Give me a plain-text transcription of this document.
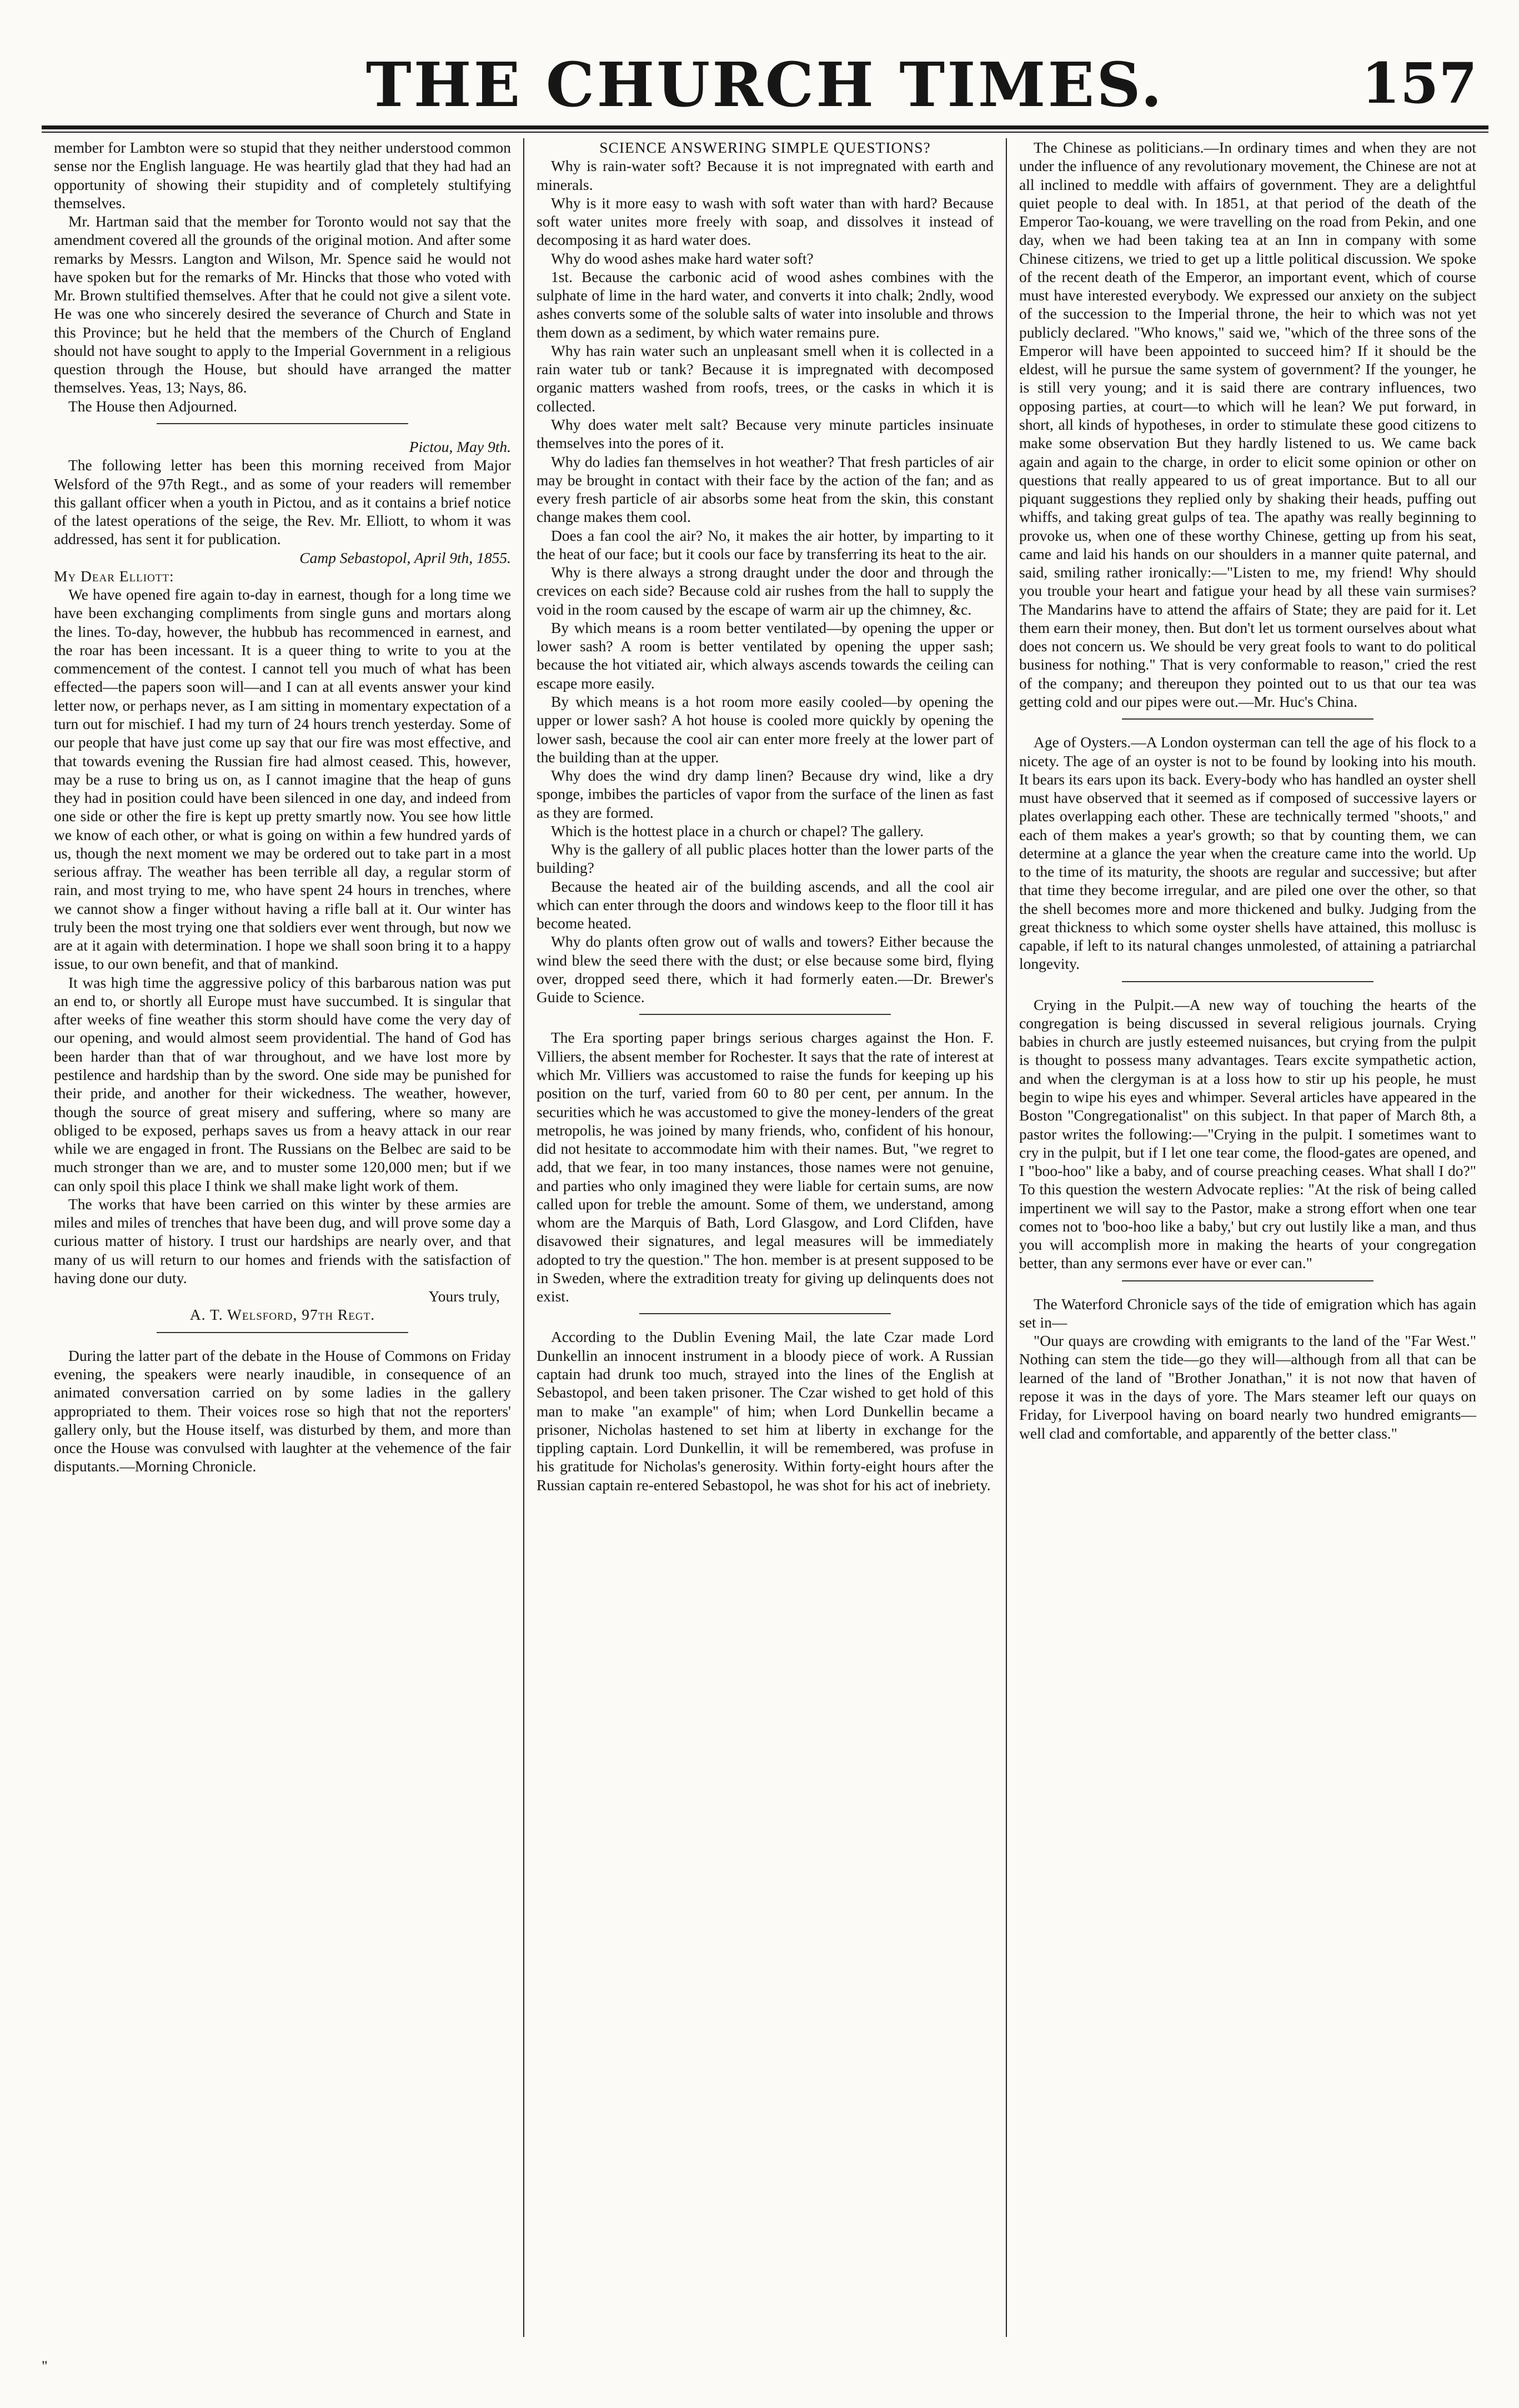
THE CHURCH TIMES.	157

member for Lambton were so stupid that they neither understood common sense nor the English language. He was heartily glad that they had had an opportunity of showing their stupidity and of completely stultifying themselves.

Mr. Hartman said that the member for Toronto would not say that the amendment covered all the grounds of the original motion. And after some remarks by Messrs. Langton and Wilson, Mr. Spence said he would not have spoken but for the remarks of Mr. Hincks that those who voted with Mr. Brown stultified themselves. After that he could not give a silent vote. He was one who sincerely desired the severance of Church and State in this Province; but he held that the members of the Church of England should not have sought to apply to the Imperial Government in a religious question through the House, but should have arranged the matter themselves. Yeas, 13; Nays, 86.

The House then Adjourned.

Pictou, May 9th.

The following letter has been this morning received from Major Welsford of the 97th Regt., and as some of your readers will remember this gallant officer when a youth in Pictou, and as it contains a brief notice of the latest operations of the seige, the Rev. Mr. Elliott, to whom it was addressed, has sent it for publication.

Camp Sebastopol, April 9th, 1855.

My Dear Elliott:

We have opened fire again to-day in earnest, though for a long time we have been exchanging compliments from single guns and mortars along the lines. To-day, however, the hubbub has recommenced in earnest, and the roar has been incessant. It is a queer thing to write to you at the commencement of the contest. I cannot tell you much of what has been effected—the papers soon will—and I can at all events answer your kind letter now, or perhaps never, as I am sitting in momentary expectation of a turn out for mischief. I had my turn of 24 hours trench yesterday. Some of our people that have just come up say that our fire was most effective, and that towards evening the Russian fire had almost ceased. This, however, may be a ruse to bring us on, as I cannot imagine that the heap of guns they had in position could have been silenced in one day, and indeed from one side or other the fire is kept up pretty smartly now. You see how little we know of each other, or what is going on within a few hundred yards of us, though the next moment we may be ordered out to take part in a most serious affray. The weather has been terrible all day, a regular storm of rain, and most trying to me, who have spent 24 hours in trenches, where we cannot show a finger without having a rifle ball at it. Our winter has truly been the most trying one that soldiers ever went through, but now we are at it again with determination. I hope we shall soon bring it to a happy issue, to our own benefit, and that of mankind.

It was high time the aggressive policy of this barbarous nation was put an end to, or shortly all Europe must have succumbed. It is singular that after weeks of fine weather this storm should have come the very day of our opening, and would almost seem providential. The hand of God has been harder than that of war throughout, and we have lost more by pestilence and hardship than by the sword. One side may be punished for their pride, and another for their wickedness. The weather, however, though the source of great misery and suffering, where so many are obliged to be exposed, perhaps saves us from a heavy attack in our rear while we are engaged in front. The Russians on the Belbec are said to be much stronger than we are, and to muster some 120,000 men; but if we can only spoil this place I think we shall make light work of them.

The works that have been carried on this winter by these armies are miles and miles of trenches that have been dug, and will prove some day a curious matter of history. I trust our hardships are nearly over, and that many of us will return to our homes and friends with the satisfaction of having done our duty.

Yours truly,

A. T. Welsford, 97th Regt.

During the latter part of the debate in the House of Commons on Friday evening, the speakers were nearly inaudible, in consequence of an animated conversation carried on by some ladies in the gallery appropriated to them. Their voices rose so high that not the reporters' gallery only, but the House itself, was disturbed by them, and more than once the House was convulsed with laughter at the vehemence of the fair disputants.—Morning Chronicle.

SCIENCE ANSWERING SIMPLE QUESTIONS?

Why is rain-water soft? Because it is not impregnated with earth and minerals.

Why is it more easy to wash with soft water than with hard? Because soft water unites more freely with soap, and dissolves it instead of decomposing it as hard water does.

Why do wood ashes make hard water soft?

1st. Because the carbonic acid of wood ashes combines with the sulphate of lime in the hard water, and converts it into chalk; 2ndly, wood ashes converts some of the soluble salts of water into insoluble and throws them down as a sediment, by which water remains pure.

Why has rain water such an unpleasant smell when it is collected in a rain water tub or tank? Because it is impregnated with decomposed organic matters washed from roofs, trees, or the casks in which it is collected.

Why does water melt salt? Because very minute particles insinuate themselves into the pores of it.

Why do ladies fan themselves in hot weather? That fresh particles of air may be brought in contact with their face by the action of the fan; and as every fresh particle of air absorbs some heat from the skin, this constant change makes them cool.

Does a fan cool the air? No, it makes the air hotter, by imparting to it the heat of our face; but it cools our face by transferring its heat to the air.

Why is there always a strong draught under the door and through the crevices on each side? Because cold air rushes from the hall to supply the void in the room caused by the escape of warm air up the chimney, &c.

By which means is a room better ventilated—by opening the upper or lower sash? A room is better ventilated by opening the upper sash; because the hot vitiated air, which always ascends towards the ceiling can escape more easily.

By which means is a hot room more easily cooled—by opening the upper or lower sash? A hot house is cooled more quickly by opening the lower sash, because the cool air can enter more freely at the lower part of the building than at the upper.

Why does the wind dry damp linen? Because dry wind, like a dry sponge, imbibes the particles of vapor from the surface of the linen as fast as they are formed.

Which is the hottest place in a church or chapel? The gallery.

Why is the gallery of all public places hotter than the lower parts of the building?

Because the heated air of the building ascends, and all the cool air which can enter through the doors and windows keep to the floor till it has become heated.

Why do plants often grow out of walls and towers? Either because the wind blew the seed there with the dust; or else because some bird, flying over, dropped seed there, which it had formerly eaten.—Dr. Brewer's Guide to Science.

The Era sporting paper brings serious charges against the Hon. F. Villiers, the absent member for Rochester. It says that the rate of interest at which Mr. Villiers was accustomed to raise the funds for keeping up his position on the turf, varied from 60 to 80 per cent, per annum. In the securities which he was accustomed to give the money-lenders of the great metropolis, he was joined by many friends, who, confident of his honour, did not hesitate to accommodate him with their names. But, "we regret to add, that we fear, in too many instances, those names were not genuine, and parties who only imagined they were liable for certain sums, are now called upon for treble the amount. Some of them, we understand, among whom are the Marquis of Bath, Lord Glasgow, and Lord Clifden, have disavowed their signatures, and legal measures will be immediately adopted to try the question." The hon. member is at present supposed to be in Sweden, where the extradition treaty for giving up delinquents does not exist.

According to the Dublin Evening Mail, the late Czar made Lord Dunkellin an innocent instrument in a bloody piece of work. A Russian captain had drunk too much, strayed into the lines of the English at Sebastopol, and been taken prisoner. The Czar wished to get hold of this man to make "an example" of him; when Lord Dunkellin became a prisoner, Nicholas hastened to set him at liberty in exchange for the tippling captain. Lord Dunkellin, it will be remembered, was profuse in his gratitude for Nicholas's generosity. Within forty-eight hours after the Russian captain re-entered Sebastopol, he was shot for his act of inebriety.

The Chinese as politicians.—In ordinary times and when they are not under the influence of any revolutionary movement, the Chinese are not at all inclined to meddle with affairs of government. They are a delightful quiet people to deal with. In 1851, at that period of the death of the Emperor Tao-kouang, we were travelling on the road from Pekin, and one day, when we had been taking tea at an Inn in company with some Chinese citizens, we tried to get up a little political discussion. We spoke of the recent death of the Emperor, an important event, which of course must have interested everybody. We expressed our anxiety on the subject of the succession to the Imperial throne, the heir to which was not yet publicly declared. "Who knows," said we, "which of the three sons of the Emperor will have been appointed to succeed him? If it should be the eldest, will he pursue the same system of government? If the younger, he is still very young; and it is said there are contrary influences, two opposing parties, at court—to which will he lean? We put forward, in short, all kinds of hypotheses, in order to stimulate these good citizens to make some observation But they hardly listened to us. We came back again and again to the charge, in order to elicit some opinion or other on questions that really appeared to us of great importance. But to all our piquant suggestions they replied only by shaking their heads, puffing out whiffs, and taking great gulps of tea. The apathy was really beginning to provoke us, when one of these worthy Chinese, getting up from his seat, came and laid his hands on our shoulders in a manner quite paternal, and said, smiling rather ironically:—"Listen to me, my friend! Why should you trouble your heart and fatigue your head by all these vain surmises? The Mandarins have to attend the affairs of State; they are paid for it. Let them earn their money, then. But don't let us torment ourselves about what does not concern us. We should be very great fools to want to do political business for nothing." That is very conformable to reason," cried the rest of the company; and thereupon they pointed out to us that our tea was getting cold and our pipes were out.—Mr. Huc's China.

Age of Oysters.—A London oysterman can tell the age of his flock to a nicety. The age of an oyster is not to be found by looking into his mouth. It bears its ears upon its back. Every-body who has handled an oyster shell must have observed that it seemed as if composed of successive layers or plates overlapping each other. These are technically termed "shoots," and each of them makes a year's growth; so that by counting them, we can determine at a glance the year when the creature came into the world. Up to the time of its maturity, the shoots are regular and successive; but after that time they become irregular, and are piled one over the other, so that the shell becomes more and more thickened and bulky. Judging from the great thickness to which some oyster shells have attained, this mollusc is capable, if left to its natural changes unmolested, of attaining a patriarchal longevity.

Crying in the Pulpit.—A new way of touching the hearts of the congregation is being discussed in several religious journals. Crying babies in church are justly esteemed nuisances, but crying from the pulpit is thought to possess many advantages. Tears excite sympathetic action, and when the clergyman is at a loss how to stir up his people, he must begin to wipe his eyes and whimper. Several articles have appeared in the Boston "Congregationalist" on this subject. In that paper of March 8th, a pastor writes the following:—"Crying in the pulpit. I sometimes want to cry in the pulpit, but if I let one tear come, the flood-gates are opened, and I "boo-hoo" like a baby, and of course preaching ceases. What shall I do?" To this question the western Advocate replies: "At the risk of being called impertinent we will say to the Pastor, make a strong effort when one tear comes not to 'boo-hoo like a baby,' but cry out lustily like a man, and thus you will accomplish more in making the hearts of your congregation better, than any sermons ever have or ever can."

The Waterford Chronicle says of the tide of emigration which has again set in—

"Our quays are crowding with emigrants to the land of the "Far West." Nothing can stem the tide—go they will—although from all that can be learned of the land of "Brother Jonathan," it is not now that haven of repose it was in the days of yore. The Mars steamer left our quays on Friday, for Liverpool having on board nearly two hundred emigrants—well clad and comfortable, and apparently of the better class."

"
